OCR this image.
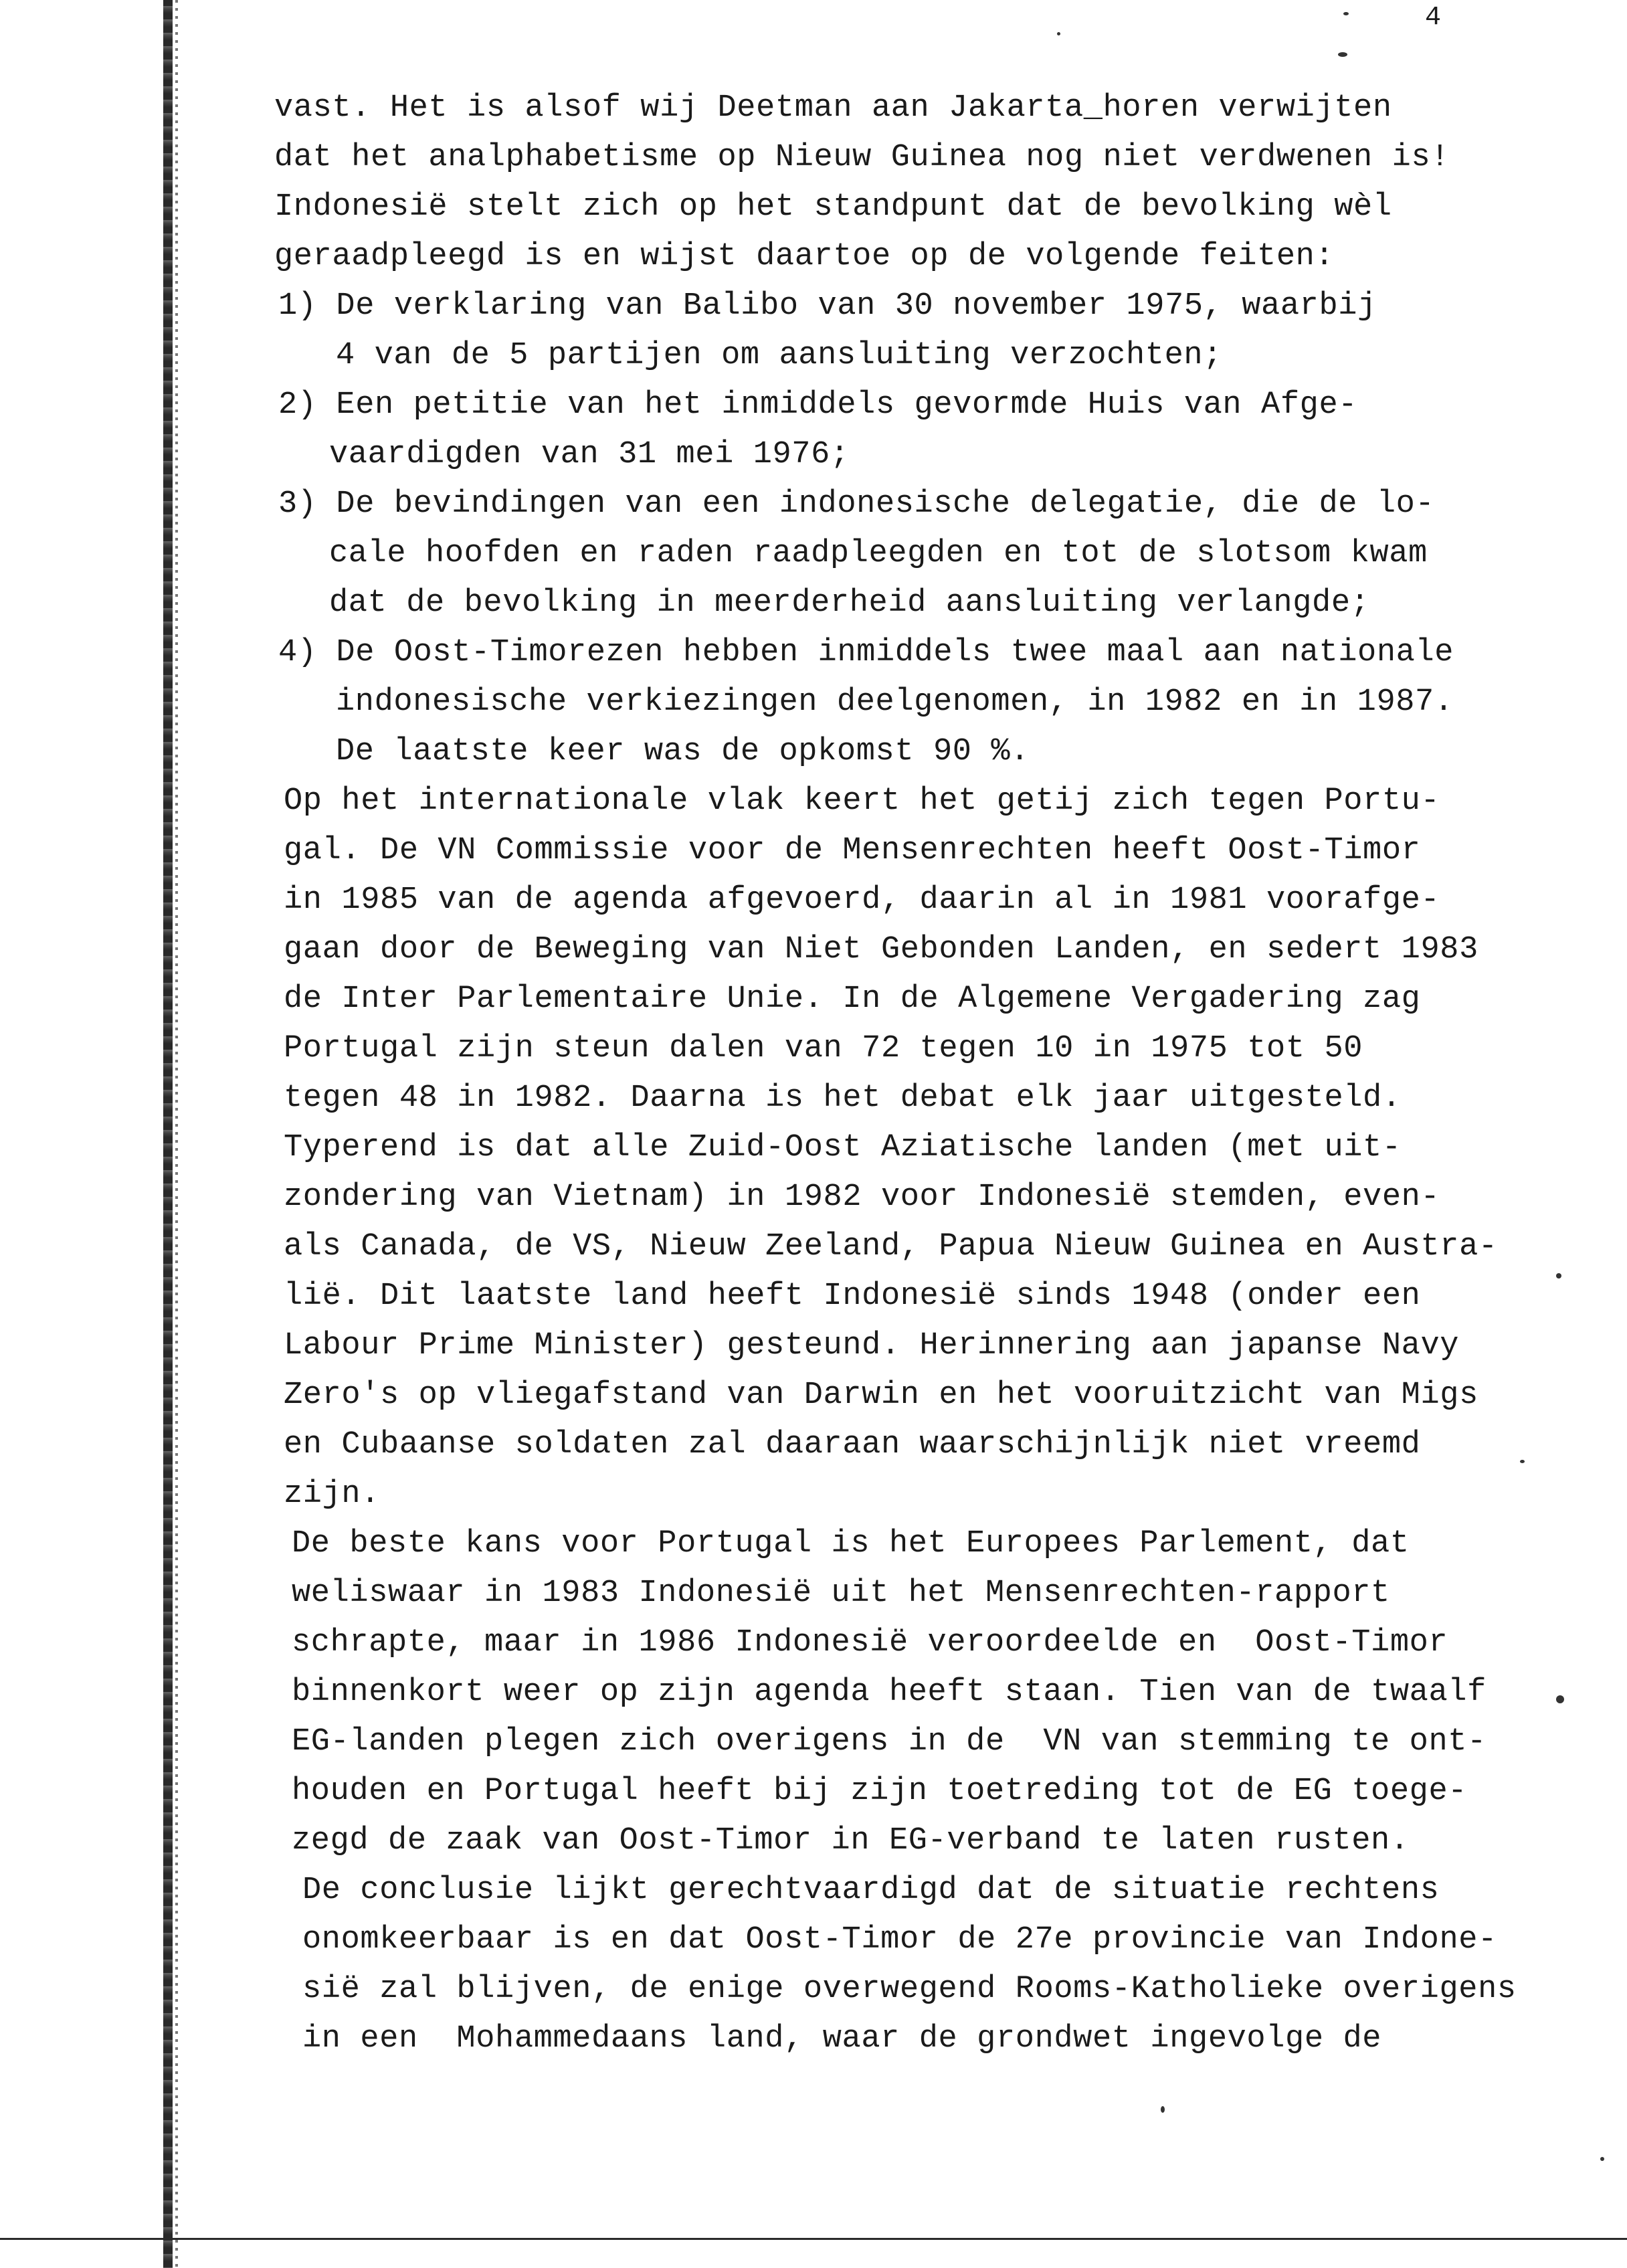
4
vast. Het is alsof wij Deetman aan Jakarta_horen verwijten
dat het analphabetisme op Nieuw Guinea nog niet verdwenen is!
Indonesië stelt zich op het standpunt dat de bevolking wèl
geraadpleegd is en wijst daartoe op de volgende feiten:
1) De verklaring van Balibo van 30 november 1975, waarbij
4 van de 5 partijen om aansluiting verzochten;
2) Een petitie van het inmiddels gevormde Huis van Afge-
vaardigden van 31 mei 1976;
3) De bevindingen van een indonesische delegatie, die de lo-
cale hoofden en raden raadpleegden en tot de slotsom kwam
dat de bevolking in meerderheid aansluiting verlangde;
4) De Oost-Timorezen hebben inmiddels twee maal aan nationale
indonesische verkiezingen deelgenomen, in 1982 en in 1987.
De laatste keer was de opkomst 90 %.
Op het internationale vlak keert het getij zich tegen Portu-
gal. De VN Commissie voor de Mensenrechten heeft Oost-Timor
in 1985 van de agenda afgevoerd, daarin al in 1981 voorafge-
gaan door de Beweging van Niet Gebonden Landen, en sedert 1983
de Inter Parlementaire Unie. In de Algemene Vergadering zag
Portugal zijn steun dalen van 72 tegen 10 in 1975 tot 50
tegen 48 in 1982. Daarna is het debat elk jaar uitgesteld.
Typerend is dat alle Zuid-Oost Aziatische landen (met uit-
zondering van Vietnam) in 1982 voor Indonesië stemden, even-
als Canada, de VS, Nieuw Zeeland, Papua Nieuw Guinea en Austra-
lië. Dit laatste land heeft Indonesië sinds 1948 (onder een
Labour Prime Minister) gesteund. Herinnering aan japanse Navy
Zero's op vliegafstand van Darwin en het vooruitzicht van Migs
en Cubaanse soldaten zal daaraan waarschijnlijk niet vreemd
zijn.
De beste kans voor Portugal is het Europees Parlement, dat
weliswaar in 1983 Indonesië uit het Mensenrechten-rapport
schrapte, maar in 1986 Indonesië veroordeelde en  Oost-Timor
binnenkort weer op zijn agenda heeft staan. Tien van de twaalf
EG-landen plegen zich overigens in de  VN van stemming te ont-
houden en Portugal heeft bij zijn toetreding tot de EG toege-
zegd de zaak van Oost-Timor in EG-verband te laten rusten.
De conclusie lijkt gerechtvaardigd dat de situatie rechtens
onomkeerbaar is en dat Oost-Timor de 27e provincie van Indone-
sië zal blijven, de enige overwegend Rooms-Katholieke overigens
in een  Mohammedaans land, waar de grondwet ingevolge de
